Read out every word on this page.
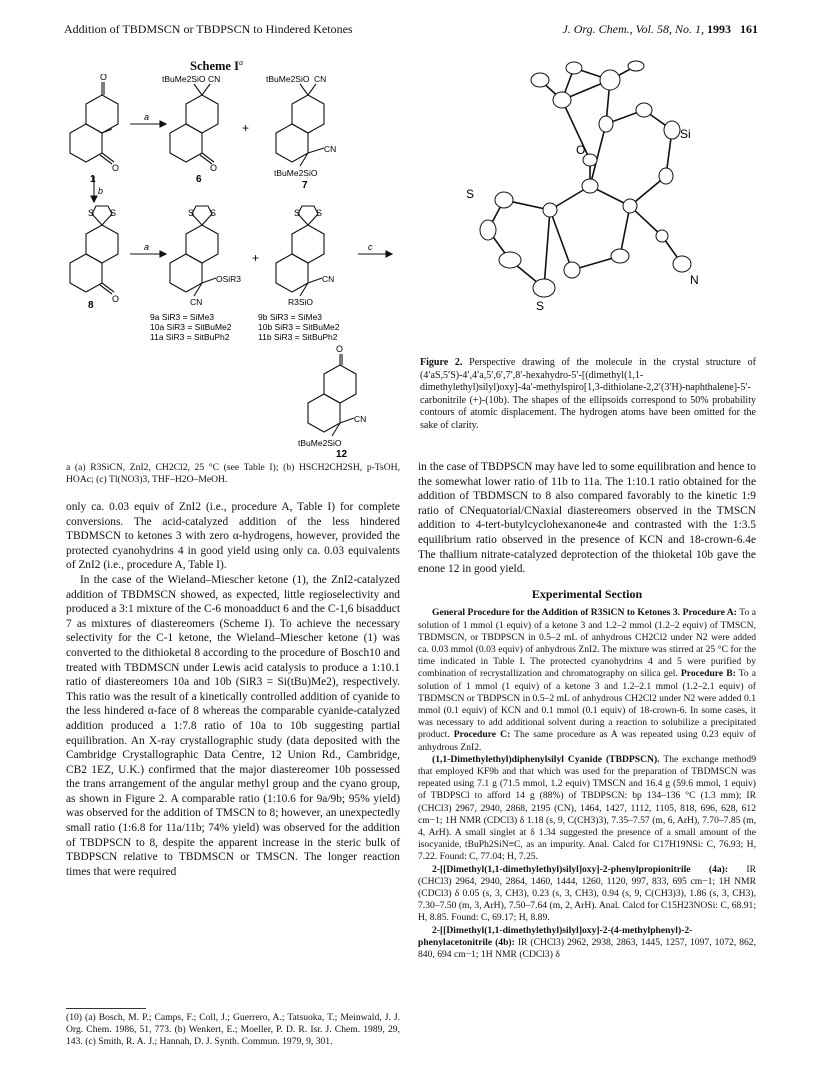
Addition of TBDMSCN or TBDPSCN to Hindered Ketones	J. Org. Chem., Vol. 58, No. 1, 1993 161
Scheme $I^a$
O
O
1
a
tBuMe2SiO CN
O
6
+
tBuMe2SiO CN
CN
tBuMe2SiO
7
b
S S
O
8
a
S S
OSiR3
CN
+
S S
CN
R3SiO
c
9a SiR3 = SiMe3
10a SiR3 = SitBuMe2
11a SiR3 = SitBuPh2
9b SiR3 = SiMe3
10b SiR3 = SitBuMe2
11b SiR3 = SitBuPh2
O
CN
tBuMe2SiO
12
a (a) R3SiCN, ZnI2, CH2Cl2, 25 °C (see Table I); (b) HSCH2CH2SH, p-TsOH, HOAc; (c) Tl(NO3)3, THF–H2O–MeOH.
Si
O
S
S
N
Figure 2. Perspective drawing of the molecule in the crystal structure of (4′aS,5′S)-4′,4′a,5′,6′,7′,8′-hexahydro-5′-[(dimethyl(1,1-dimethylethyl)silyl)oxy]-4a′-methylspiro[1,3-dithiolane-2,2′(3′H)-naphthalene]-5′-carbonitrile (+)-(10b). The shapes of the ellipsoids correspond to 50% probability contours of atomic displacement. The hydrogen atoms have been omitted for the sake of clarity.

only ca. 0.03 equiv of ZnI2 (i.e., procedure A, Table I) for complete conversions. The acid-catalyzed addition of the less hindered TBDMSCN to ketones 3 with zero α-hydrogens, however, provided the protected cyanohydrins 4 in good yield using only ca. 0.03 equivalents of ZnI2 (i.e., procedure A, Table I).

In the case of the Wieland–Miescher ketone (1), the ZnI2-catalyzed addition of TBDMSCN showed, as expected, little regioselectivity and produced a 3:1 mixture of the C-6 monoadduct 6 and the C-1,6 bisadduct 7 as mixtures of diastereomers (Scheme I). To achieve the necessary selectivity for the C-1 ketone, the Wieland–Miescher ketone (1) was converted to the dithioketal 8 according to the procedure of Bosch10 and treated with TBDMSCN under Lewis acid catalysis to produce a 1:10.1 ratio of diastereomers 10a and 10b (SiR3 = Si(tBu)Me2), respectively. This ratio was the result of a kinetically controlled addition of cyanide to the less hindered α-face of 8 whereas the comparable cyanide-catalyzed addition produced a 1:7.8 ratio of 10a to 10b suggesting partial equilibration. An X-ray crystallographic study (data deposited with the Cambridge Crystallographic Data Centre, 12 Union Rd., Cambridge, CB2 1EZ, U.K.) confirmed that the major diastereomer 10b possessed the trans arrangement of the angular methyl group and the cyano group, as shown in Figure 2. A comparable ratio (1:10.6 for 9a/9b; 95% yield) was observed for the addition of TMSCN to 8; however, an unexpectedly small ratio (1:6.8 for 11a/11b; 74% yield) was observed for the addition of TBDPSCN to 8, despite the apparent increase in the steric bulk of TBDPSCN relative to TBDMSCN or TMSCN. The longer reaction times that were required

(10) (a) Bosch, M. P.; Camps, F.; Coll, J.; Guerrero, A.; Tatsuoka, T.; Meinwald, J. J. Org. Chem. 1986, 51, 773. (b) Wenkert, E.; Moeller, P. D. R. Isr. J. Chem. 1989, 29, 143. (c) Smith, R. A. J.; Hannah, D. J. Synth. Commun. 1979, 9, 301.

in the case of TBDPSCN may have led to some equilibration and hence to the somewhat lower ratio of 11b to 11a. The 1:10.1 ratio obtained for the addition of TBDMSCN to 8 also compared favorably to the kinetic 1:9 ratio of CNequatorial/CNaxial diastereomers observed in the TMSCN addition to 4-tert-butylcyclohexanone4e and contrasted with the 1:3.5 equilibrium ratio observed in the presence of KCN and 18-crown-6.4e The thallium nitrate-catalyzed deprotection of the thioketal 10b gave the enone 12 in good yield.

Experimental Section

General Procedure for the Addition of R3SiCN to Ketones 3. Procedure A: To a solution of 1 mmol (1 equiv) of a ketone 3 and 1.2–2 mmol (1.2–2 equiv) of TMSCN, TBDMSCN, or TBDPSCN in 0.5–2 mL of anhydrous CH2Cl2 under N2 were added ca. 0.03 mmol (0.03 equiv) of anhydrous ZnI2. The mixture was stirred at 25 °C for the time indicated in Table I. The protected cyanohydrins 4 and 5 were purified by combination of recrystallization and chromatography on silica gel. Procedure B: To a solution of 1 mmol (1 equiv) of a ketone 3 and 1.2–2.1 mmol (1.2–2.1 equiv) of TBDMSCN or TBDPSCN in 0.5–2 mL of anhydrous CH2Cl2 under N2 were added 0.1 mmol (0.1 equiv) of KCN and 0.1 mmol (0.1 equiv) of 18-crown-6. In some cases, it was necessary to add additional solvent during a reaction to solubilize a precipitated product. Procedure C: The same procedure as A was repeated using 0.23 equiv of anhydrous ZnI2.

(1,1-Dimethylethyl)diphenylsilyl Cyanide (TBDPSCN). The exchange method9 that employed KF9b and that which was used for the preparation of TBDMSCN was repeated using 7.1 g (71.5 mmol, 1.2 equiv) TMSCN and 16.4 g (59.6 mmol, 1 equiv) of TBDPSCl to afford 14 g (88%) of TBDPSCN: bp 134–136 °C (1.3 mm); IR (CHCl3) 2967, 2940, 2868, 2195 (CN), 1464, 1427, 1112, 1105, 818, 696, 628, 612 cm−1; 1H NMR (CDCl3) δ 1.18 (s, 9, C(CH3)3), 7.35–7.57 (m, 6, ArH), 7.70–7.85 (m, 4, ArH). A small singlet at δ 1.34 suggested the presence of a small amount of the isocyanide, tBuPh2SiN≡C, as an impurity. Anal. Calcd for C17H19NSi: C, 76.93; H, 7.22. Found: C, 77.04; H, 7.25.

2-[[Dimethyl(1,1-dimethylethyl)silyl]oxy]-2-phenylpropionitrile (4a): IR (CHCl3) 2964, 2940, 2864, 1460, 1444, 1260, 1120, 997, 833, 695 cm−1; 1H NMR (CDCl3) δ 0.05 (s, 3, CH3), 0.23 (s, 3, CH3), 0.94 (s, 9, C(CH3)3), 1.86 (s, 3, CH3), 7.30–7.50 (m, 3, ArH), 7.50–7.64 (m, 2, ArH). Anal. Calcd for C15H23NOSi: C, 68.91; H, 8.85. Found: C, 69.17; H, 8.89.

2-[[Dimethyl(1,1-dimethylethyl)silyl]oxy]-2-(4-methylphenyl)-2-phenylacetonitrile (4b): IR (CHCl3) 2962, 2938, 2863, 1445, 1257, 1097, 1072, 862, 840, 694 cm−1; 1H NMR (CDCl3) δ
